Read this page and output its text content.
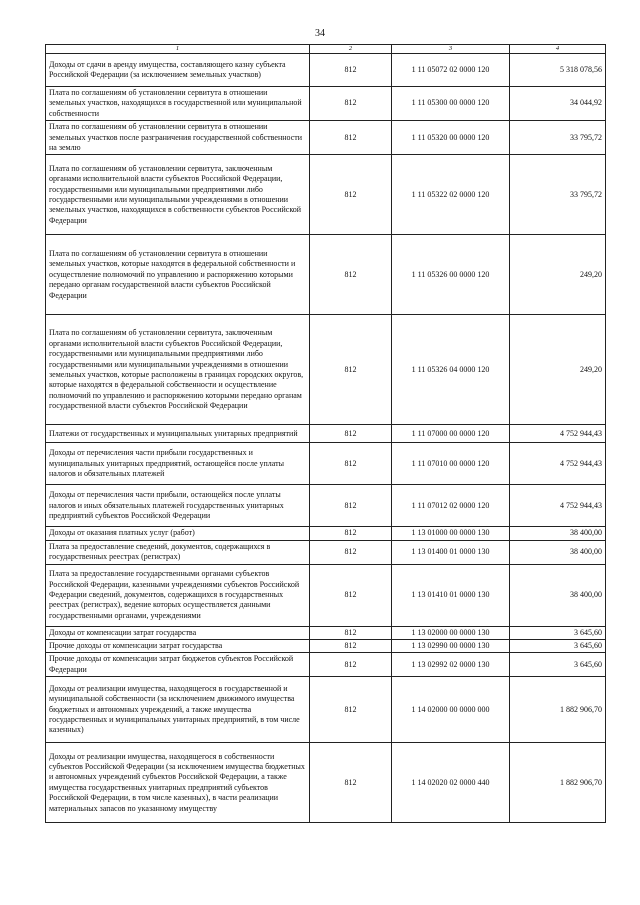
34
1	2	3	4
Доходы от сдачи в аренду имущества, составляющего казну субъекта Российской Федерации (за исключением земельных участков)	812	1 11 05072 02 0000 120	5 318 078,56
Плата по соглашениям об установлении сервитута в отношении земельных участков, находящихся в государственной или муниципальной собственности	812	1 11 05300 00 0000 120	34 044,92
Плата по соглашениям об установлении сервитута в отношении земельных участков после разграничения государственной собственности на землю	812	1 11 05320 00 0000 120	33 795,72
Плата по соглашениям об установлении сервитута, заключенным органами исполнительной власти субъектов Российской Федерации, государственными или муниципальными предприятиями либо государственными или муниципальными учреждениями в отношении земельных участков, находящихся в собственности субъектов Российской Федерации	812	1 11 05322 02 0000 120	33 795,72
Плата по соглашениям об установлении сервитута в отношении земельных участков, которые находятся в федеральной собственности и осуществление полномочий по управлению и распоряжению которыми передано органам государственной власти субъектов Российской Федерации	812	1 11 05326 00 0000 120	249,20
Плата по соглашениям об установлении сервитута, заключенным органами исполнительной власти субъектов Российской Федерации, государственными или муниципальными предприятиями либо государственными или муниципальными учреждениями в отношении земельных участков, которые расположены в границах городских округов, которые находятся в федеральной собственности и осуществление полномочий по управлению и распоряжению которыми передано органам государственной власти субъектов Российской Федерации	812	1 11 05326 04 0000 120	249,20
Платежи от государственных и муниципальных унитарных предприятий	812	1 11 07000 00 0000 120	4 752 944,43
Доходы от перечисления части прибыли государственных и муниципальных унитарных предприятий, остающейся после уплаты налогов и обязательных платежей	812	1 11 07010 00 0000 120	4 752 944,43
Доходы от перечисления части прибыли, остающейся после уплаты налогов и иных обязательных платежей государственных унитарных предприятий субъектов Российской Федерации	812	1 11 07012 02 0000 120	4 752 944,43
Доходы от оказания платных услуг (работ)	812	1 13 01000 00 0000 130	38 400,00
Плата за предоставление сведений, документов, содержащихся в государственных реестрах (регистрах)	812	1 13 01400 01 0000 130	38 400,00
Плата за предоставление государственными органами субъектов Российской Федерации, казенными учреждениями субъектов Российской Федерации сведений, документов, содержащихся в государственных реестрах (регистрах), ведение которых осуществляется данными государственными органами, учреждениями	812	1 13 01410 01 0000 130	38 400,00
Доходы от компенсации затрат государства	812	1 13 02000 00 0000 130	3 645,60
Прочие доходы от компенсации затрат государства	812	1 13 02990 00 0000 130	3 645,60
Прочие доходы от компенсации затрат бюджетов субъектов Российской Федерации	812	1 13 02992 02 0000 130	3 645,60
Доходы от реализации имущества, находящегося в государственной и муниципальной собственности (за исключением движимого имущества бюджетных и автономных учреждений, а также имущества государственных и муниципальных унитарных предприятий, в том числе казенных)	812	1 14 02000 00 0000 000	1 882 906,70
Доходы от реализации имущества, находящегося в собственности субъектов Российской Федерации (за исключением имущества бюджетных и автономных учреждений субъектов Российской Федерации, а также имущества государственных унитарных предприятий субъектов Российской Федерации, в том числе казенных), в части реализации материальных запасов по указанному имуществу	812	1 14 02020 02 0000 440	1 882 906,70
